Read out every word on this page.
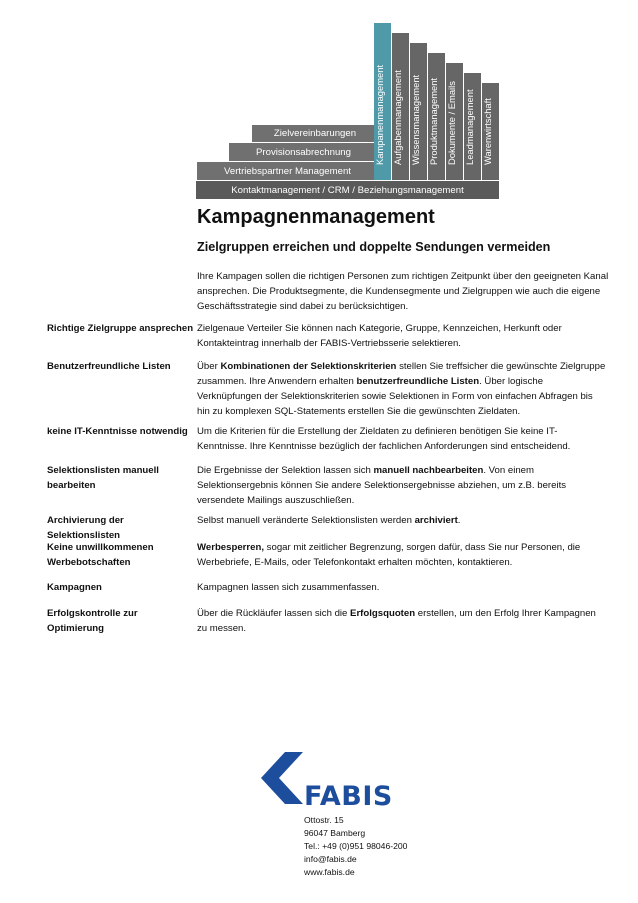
Zielvereinbarungen
Provisionsabrechnung
Vertriebspartner Management
Kontaktmanagement / CRM / Beziehungsmanagement
Kampanenmanagement Aufgabenmanagement Wissensmanagement Produktmanagement Dokumente / Emails Leadmanagement Warenwirtschaft
Kampagnenmanagement
Zielgruppen erreichen und doppelte Sendungen vermeiden

Ihre Kampagen sollen die richtigen Personen zum richtigen Zeitpunkt über den geeigneten Kanal ansprechen. Die Produktsegmente, die Kundensegmente und Zielgruppen wie auch die eigene Geschäftsstrategie sind dabei zu berücksichtigen.

Richtige Zielgruppe ansprechen Zielgenaue Verteiler Sie können nach Kategorie, Gruppe, Kennzeichen, Herkunft oder Kontakteintrag innerhalb der FABIS-Vertriebsserie selektieren.
Benutzerfreundliche Listen	Über Kombinationen der Selektionskriterien stellen Sie treffsicher die gewünschte Zielgruppe zusammen. Ihre Anwendern erhalten benutzerfreundliche Listen. Über logische Verknüpfungen der Selektionskriterien sowie Selektionen in Form von einfachen Abfragen bis hin zu komplexen SQL-Statements erstellen Sie die gewünschten Zieldaten.
keine IT-Kenntnisse notwendig Um die Kriterien für die Erstellung der Zieldaten zu definieren benötigen Sie keine IT-Kenntnisse. Ihre Kenntnisse bezüglich der fachlichen Anforderungen sind entscheidend.
Selektionslisten manuell bearbeiten
Die Ergebnisse der Selektion lassen sich manuell nachbearbeiten. Von einem Selektionsergebnis können Sie andere Selektionsergebnisse abziehen, um z.B. bereits versendete Mailings auszuschließen.
Archivierung der Selektionslisten
Selbst manuell veränderte Selektionslisten werden archiviert.
Keine unwillkommenen Werbebotschaften
Werbesperren, sogar mit zeitlicher Begrenzung, sorgen dafür, dass Sie nur Personen, die Werbebriefe, E-Mails, oder Telefonkontakt erhalten möchten, kontaktieren.
Kampagnen	Kampagnen lassen sich zusammenfassen.
Erfolgskontrolle zur Optimierung
Über die Rückläufer lassen sich die Erfolgsquoten erstellen, um den Erfolg Ihrer Kampagnen zu messen.
FABIS
Ottostr. 15
96047 Bamberg
Tel.: +49 (0)951 98046-200
info@fabis.de
www.fabis.de
